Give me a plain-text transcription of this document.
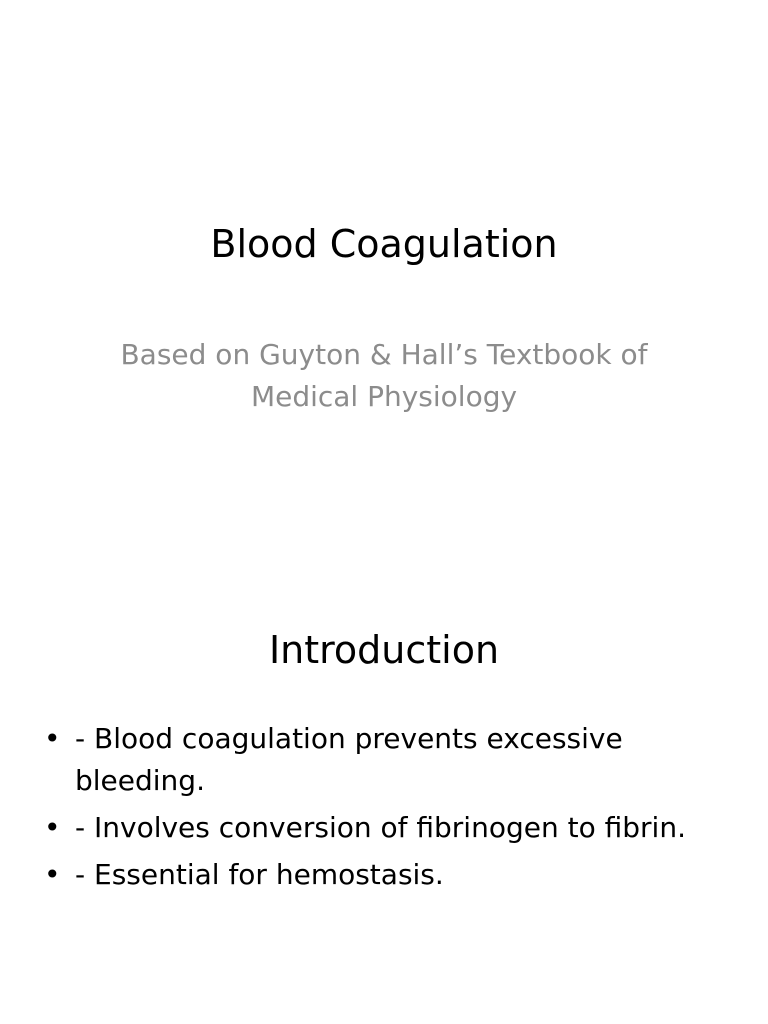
Blood Coagulation

Based on Guyton & Hall’s Textbook of Medical Physiology

Introduction
• - Blood coagulation prevents excessive bleeding.
• - Involves conversion of fibrinogen to fibrin.
• - Essential for hemostasis.
